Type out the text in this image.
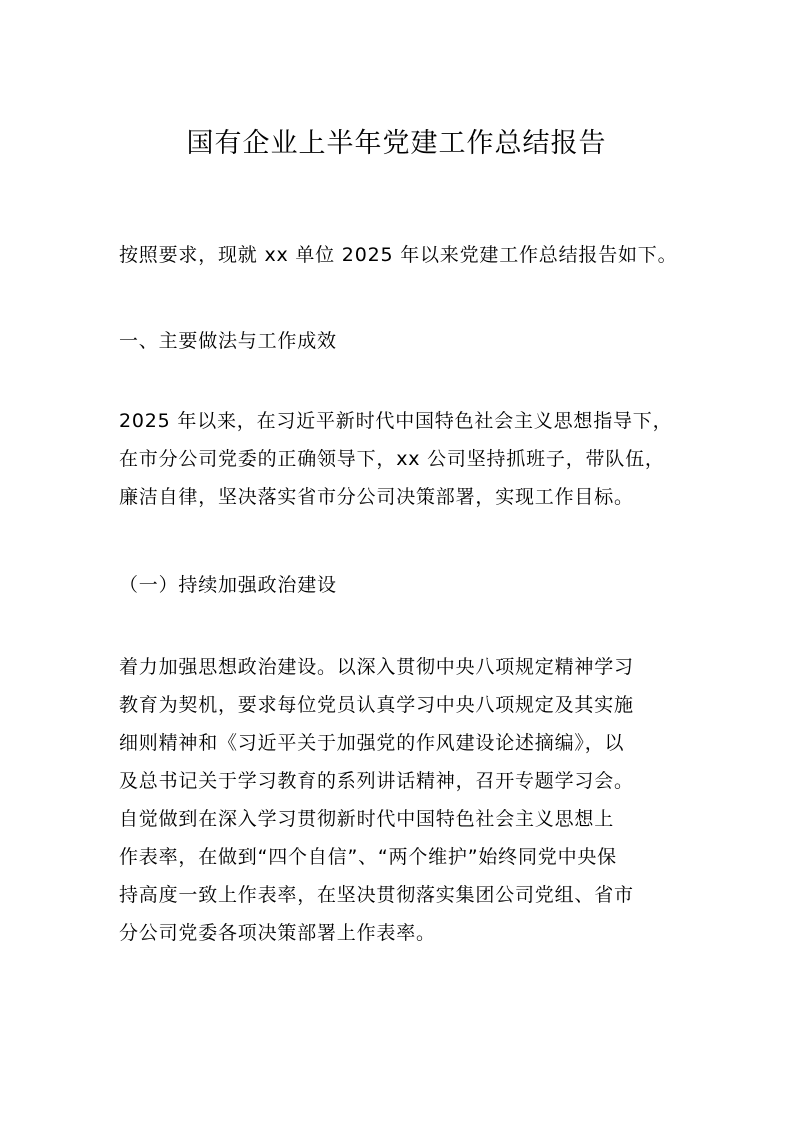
国有企业上半年党建工作总结报告
按照要求，现就 xx 单位 2025 年以来党建工作总结报告如下。
一、主要做法与工作成效
2025 年以来，在习近平新时代中国特色社会主义思想指导下，
在市分公司党委的正确领导下，xx 公司坚持抓班子，带队伍，
廉洁自律，坚决落实省市分公司决策部署，实现工作目标。
（一）持续加强政治建设
着力加强思想政治建设。以深入贯彻中央八项规定精神学习
教育为契机，要求每位党员认真学习中央八项规定及其实施
细则精神和《习近平关于加强党的作风建设论述摘编》，以
及总书记关于学习教育的系列讲话精神，召开专题学习会。
自觉做到在深入学习贯彻新时代中国特色社会主义思想上
作表率，在做到“四个自信”、“两个维护”始终同党中央保
持高度一致上作表率，在坚决贯彻落实集团公司党组、省市
分公司党委各项决策部署上作表率。
